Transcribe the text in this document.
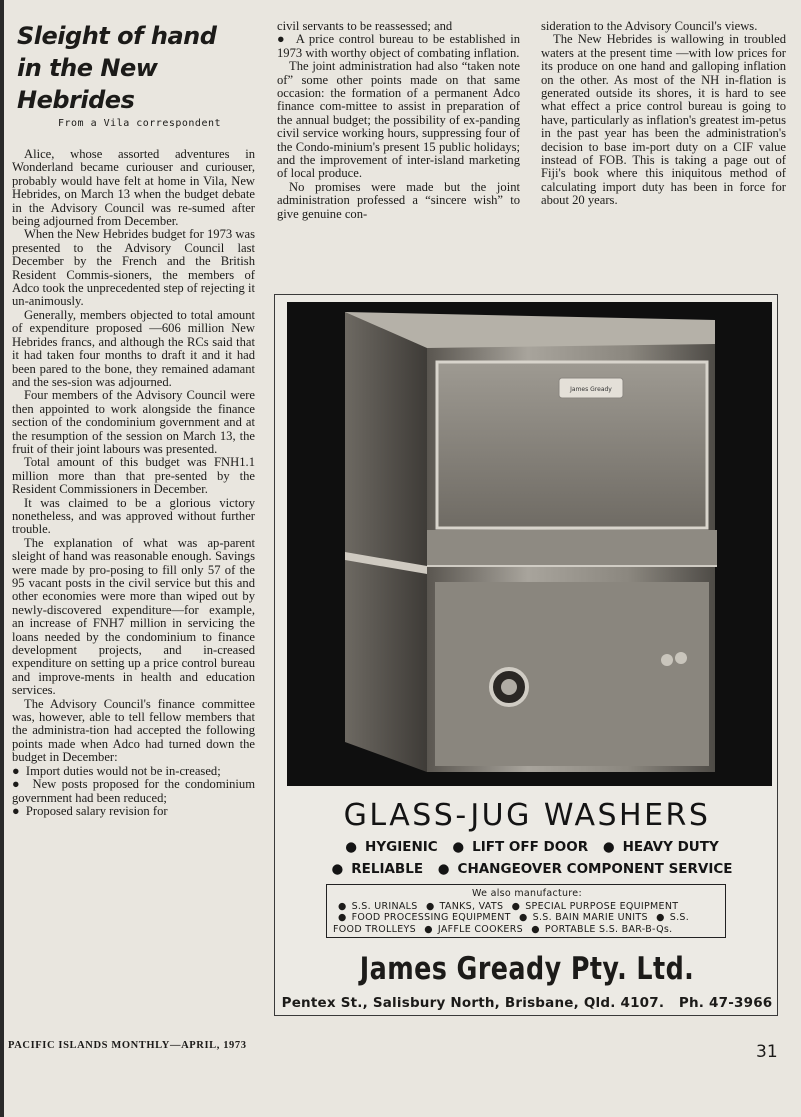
Sleight of hand
in the New
Hebrides
From a Vila correspondent

Alice, whose assorted adventures in Wonderland became curiouser and curiouser, probably would have felt at home in Vila, New Hebrides, on March 13 when the budget debate in the Advisory Council was re-sumed after being adjourned from December.

When the New Hebrides budget for 1973 was presented to the Advisory Council last December by the French and the British Resident Commis-sioners, the members of Adco took the unprecedented step of rejecting it un-animously.

Generally, members objected to total amount of expenditure proposed —606 million New Hebrides francs, and although the RCs said that it had taken four months to draft it and it had been pared to the bone, they remained adamant and the ses-sion was adjourned.

Four members of the Advisory Council were then appointed to work alongside the finance section of the condominium government and at the resumption of the session on March 13, the fruit of their joint labours was presented.

Total amount of this budget was FNH1.1 million more than that pre-sented by the Resident Commissioners in December.

It was claimed to be a glorious victory nonetheless, and was approved without further trouble.

The explanation of what was ap-parent sleight of hand was reasonable enough. Savings were made by pro-posing to fill only 57 of the 95 vacant posts in the civil service but this and other economies were more than wiped out by newly-discovered expenditure—for example, an increase of FNH7 million in servicing the loans needed by the condominium to finance development projects, and in-creased expenditure on setting up a price control bureau and improve-ments in health and education services.

The Advisory Council's finance committee was, however, able to tell fellow members that the administra-tion had accepted the following points made when Adco had turned down the budget in December:

●  Import duties would not be in-creased;

●  New posts proposed for the condominium government had been reduced;

●  Proposed salary revision for

civil servants to be reassessed; and

●  A price control bureau to be established in 1973 with worthy object of combating inflation.

The joint administration had also “taken note of” some other points made on that same occasion: the formation of a permanent Adco finance com-mittee to assist in preparation of the annual budget; the possibility of ex-panding civil service working hours, suppressing four of the Condo-minium's present 15 public holidays; and the improvement of inter-island marketing of local produce.

No promises were made but the joint administration professed a “sincere wish” to give genuine con-

sideration to the Advisory Council's views.

The New Hebrides is wallowing in troubled waters at the present time —with low prices for its produce on one hand and galloping inflation on the other. As most of the NH in-flation is generated outside its shores, it is hard to see what effect a price control bureau is going to have, particularly as inflation's greatest im-petus in the past year has been the administration's decision to base im-port duty on a CIF value instead of FOB. This is taking a page out of Fiji's book where this iniquitous method of calculating import duty has been in force for about 20 years.

James Gready
GLASS-JUG WASHERS
● HYGIENIC	● LIFT OFF DOOR	● HEAVY DUTY
● RELIABLE	● CHANGEOVER COMPONENT SERVICE
We also manufacture:
● S.S. URINALS ● TANKS, VATS ● SPECIAL PURPOSE EQUIPMENT
● FOOD PROCESSING EQUIPMENT ● S.S. BAIN MARIE UNITS ● S.S.
FOOD TROLLEYS ● JAFFLE COOKERS ● PORTABLE S.S. BAR-B-Qs.
James Gready Pty. Ltd.
Pentex St., Salisbury North, Brisbane, Qld. 4107. Ph. 47-3966
PACIFIC ISLANDS MONTHLY—APRIL, 1973	31
